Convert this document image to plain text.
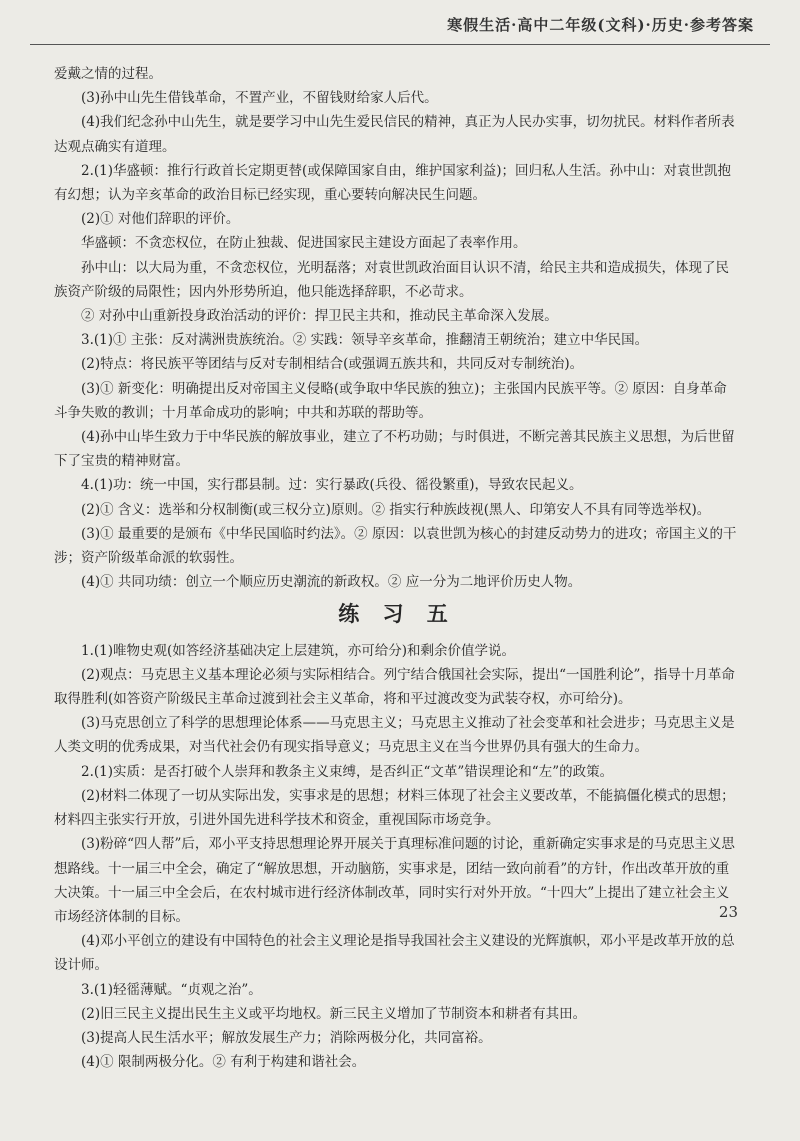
寒假生活·高中二年级(文科)·历史·参考答案

爱戴之情的过程。

(3)孙中山先生借钱革命，不置产业，不留钱财给家人后代。

(4)我们纪念孙中山先生，就是要学习中山先生爱民信民的精神，真正为人民办实事，切勿扰民。材料作者所表达观点确实有道理。

2.(1)华盛顿：推行行政首长定期更替(或保障国家自由，维护国家利益)；回归私人生活。孙中山：对袁世凯抱有幻想；认为辛亥革命的政治目标已经实现，重心要转向解决民生问题。

(2)① 对他们辞职的评价。

华盛顿：不贪恋权位，在防止独裁、促进国家民主建设方面起了表率作用。

孙中山：以大局为重，不贪恋权位，光明磊落；对袁世凯政治面目认识不清，给民主共和造成损失，体现了民族资产阶级的局限性；因内外形势所迫，他只能选择辞职，不必苛求。

② 对孙中山重新投身政治活动的评价：捍卫民主共和，推动民主革命深入发展。

3.(1)① 主张：反对满洲贵族统治。② 实践：领导辛亥革命，推翻清王朝统治；建立中华民国。

(2)特点：将民族平等团结与反对专制相结合(或强调五族共和，共同反对专制统治)。

(3)① 新变化：明确提出反对帝国主义侵略(或争取中华民族的独立)；主张国内民族平等。② 原因：自身革命斗争失败的教训；十月革命成功的影响；中共和苏联的帮助等。

(4)孙中山毕生致力于中华民族的解放事业，建立了不朽功勋；与时俱进，不断完善其民族主义思想，为后世留下了宝贵的精神财富。

4.(1)功：统一中国，实行郡县制。过：实行暴政(兵役、徭役繁重)，导致农民起义。

(2)① 含义：选举和分权制衡(或三权分立)原则。② 指实行种族歧视(黑人、印第安人不具有同等选举权)。

(3)① 最重要的是颁布《中华民国临时约法》。② 原因：以袁世凯为核心的封建反动势力的进攻；帝国主义的干涉；资产阶级革命派的软弱性。

(4)① 共同功绩：创立一个顺应历史潮流的新政权。② 应一分为二地评价历史人物。

练 习 五

1.(1)唯物史观(如答经济基础决定上层建筑，亦可给分)和剩余价值学说。

(2)观点：马克思主义基本理论必须与实际相结合。列宁结合俄国社会实际，提出“一国胜利论”，指导十月革命取得胜利(如答资产阶级民主革命过渡到社会主义革命，将和平过渡改变为武装夺权，亦可给分)。

(3)马克思创立了科学的思想理论体系——马克思主义；马克思主义推动了社会变革和社会进步；马克思主义是人类文明的优秀成果，对当代社会仍有现实指导意义；马克思主义在当今世界仍具有强大的生命力。

2.(1)实质：是否打破个人崇拜和教条主义束缚，是否纠正“文革”错误理论和“左”的政策。

(2)材料二体现了一切从实际出发，实事求是的思想；材料三体现了社会主义要改革，不能搞僵化模式的思想；材料四主张实行开放，引进外国先进科学技术和资金，重视国际市场竞争。

(3)粉碎“四人帮”后，邓小平支持思想理论界开展关于真理标准问题的讨论，重新确定实事求是的马克思主义思想路线。十一届三中全会，确定了“解放思想，开动脑筋，实事求是，团结一致向前看”的方针，作出改革开放的重大决策。十一届三中全会后，在农村城市进行经济体制改革，同时实行对外开放。“十四大”上提出了建立社会主义市场经济体制的目标。

(4)邓小平创立的建设有中国特色的社会主义理论是指导我国社会主义建设的光辉旗帜，邓小平是改革开放的总设计师。

3.(1)轻徭薄赋。“贞观之治”。

(2)旧三民主义提出民生主义或平均地权。新三民主义增加了节制资本和耕者有其田。

(3)提高人民生活水平；解放发展生产力；消除两极分化，共同富裕。

(4)① 限制两极分化。② 有利于构建和谐社会。

23
